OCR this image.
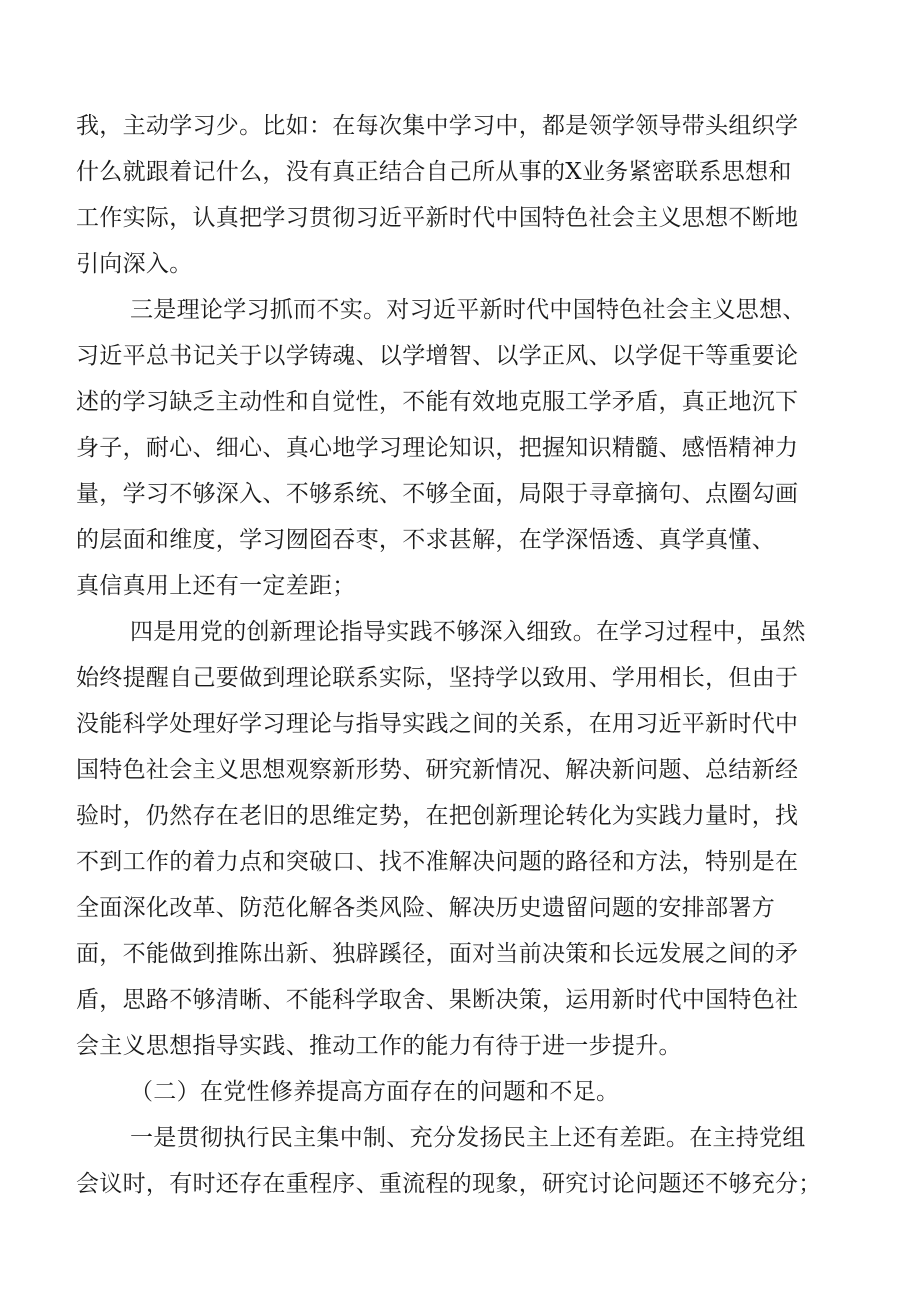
我，主动学习少。比如：在每次集中学习中，都是领学领导带头组织学
什么就跟着记什么，没有真正结合自己所从事的X业务紧密联系思想和
工作实际，认真把学习贯彻习近平新时代中国特色社会主义思想不断地
引向深入。
三是理论学习抓而不实。对习近平新时代中国特色社会主义思想、
习近平总书记关于以学铸魂、以学增智、以学正风、以学促干等重要论
述的学习缺乏主动性和自觉性，不能有效地克服工学矛盾，真正地沉下
身子，耐心、细心、真心地学习理论知识，把握知识精髓、感悟精神力
量，学习不够深入、不够系统、不够全面，局限于寻章摘句、点圈勾画
的层面和维度，学习囫囵吞枣，不求甚解，在学深悟透、真学真懂、
真信真用上还有一定差距；
四是用党的创新理论指导实践不够深入细致。在学习过程中，虽然
始终提醒自己要做到理论联系实际，坚持学以致用、学用相长，但由于
没能科学处理好学习理论与指导实践之间的关系，在用习近平新时代中
国特色社会主义思想观察新形势、研究新情况、解决新问题、总结新经
验时，仍然存在老旧的思维定势，在把创新理论转化为实践力量时，找
不到工作的着力点和突破口、找不准解决问题的路径和方法，特别是在
全面深化改革、防范化解各类风险、解决历史遗留问题的安排部署方
面，不能做到推陈出新、独辟蹊径，面对当前决策和长远发展之间的矛
盾，思路不够清晰、不能科学取舍、果断决策，运用新时代中国特色社
会主义思想指导实践、推动工作的能力有待于进一步提升。
（二）在党性修养提高方面存在的问题和不足。
一是贯彻执行民主集中制、充分发扬民主上还有差距。在主持党组
会议时，有时还存在重程序、重流程的现象，研究讨论问题还不够充分；
